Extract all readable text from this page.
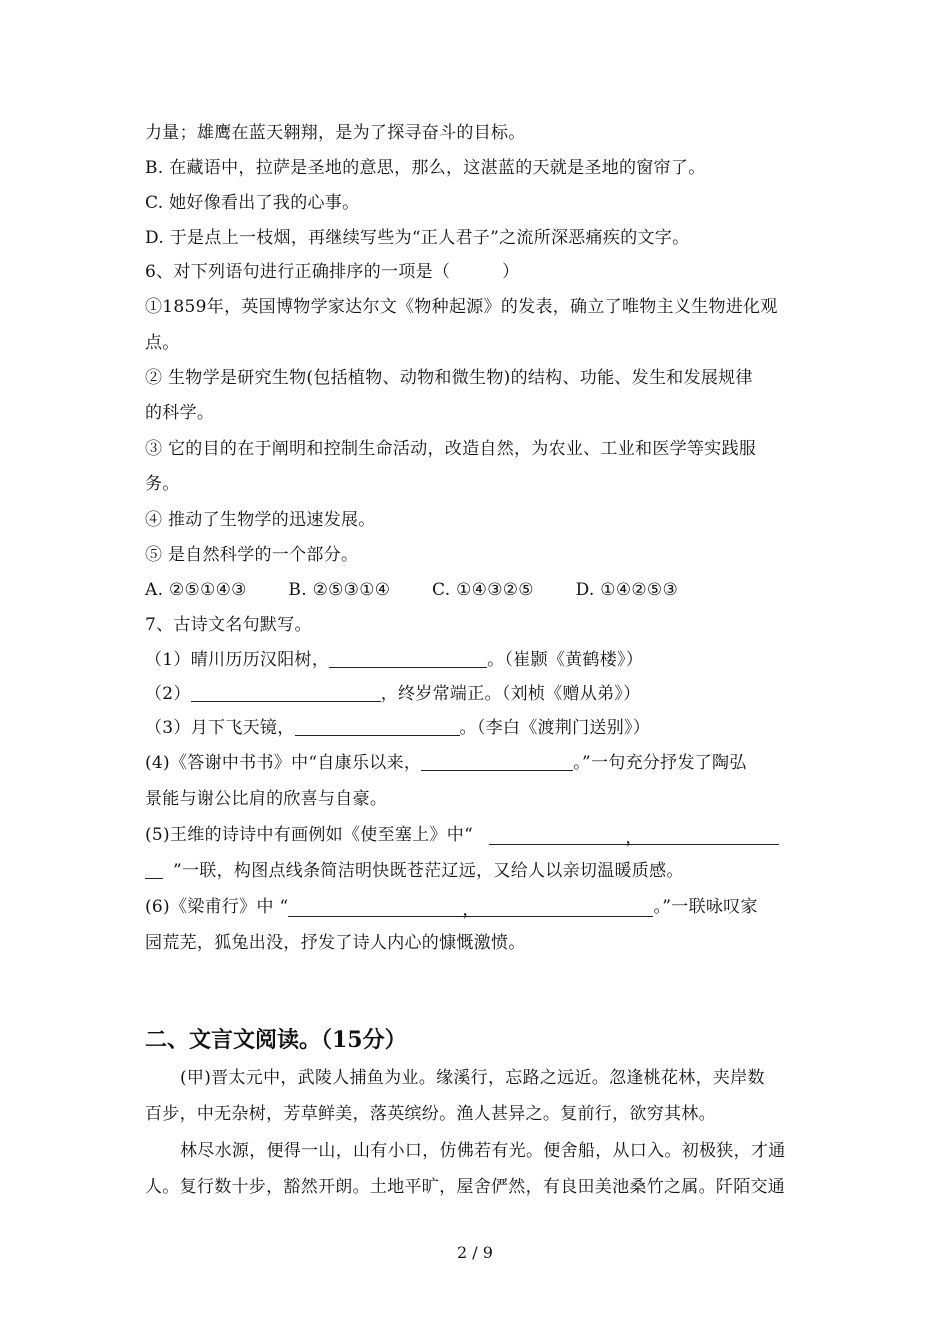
力量；雄鹰在蓝天翱翔，是为了探寻奋斗的目标。
B. 在藏语中，拉萨是圣地的意思，那么，这湛蓝的天就是圣地的窗帘了。
C. 她好像看出了我的心事。
D. 于是点上一枝烟，再继续写些为“正人君子”之流所深恶痛疾的文字。
6、对下列语句进行正确排序的一项是（　　　）
①1859年，英国博物学家达尔文《物种起源》的发表，确立了唯物主义生物进化观
点。
② 生物学是研究生物(包括植物、动物和微生物)的结构、功能、发生和发展规律
的科学。
③ 它的目的在于阐明和控制生命活动，改造自然，为农业、工业和医学等实践服
务。
④ 推动了生物学的迅速发展。
⑤ 是自然科学的一个部分。
A. ②⑤①④③ B. ②⑤③①④ C. ①④③②⑤ D. ①④②⑤③
7、古诗文名句默写。
（1）晴川历历汉阳树，	。（崔颢《黄鹤楼》）
（2）	，终岁常端正。（刘桢《赠从弟》）
（3）月下飞天镜，	。（李白《渡荆门送别》）
(4)《答谢中书书》中“自康乐以来，	。”一句充分抒发了陶弘
景能与谢公比肩的欣喜与自豪。
(5)王维的诗诗中有画例如《使至塞上》中“	，
”一联，构图点线条简洁明快既苍茫辽远，又给人以亲切温暖质感。
(6)《梁甫行》中 “	，	。”一联咏叹家
园荒芜，狐兔出没，抒发了诗人内心的慷慨激愤。
二、文言文阅读。（15分）
(甲)晋太元中，武陵人捕鱼为业。缘溪行，忘路之远近。忽逢桃花林，夹岸数
百步，中无杂树，芳草鲜美，落英缤纷。渔人甚异之。复前行，欲穷其林。
林尽水源，便得一山，山有小口，仿佛若有光。便舍船，从口入。初极狭，才通
人。复行数十步，豁然开朗。土地平旷，屋舍俨然，有良田美池桑竹之属。阡陌交通
2 / 9
